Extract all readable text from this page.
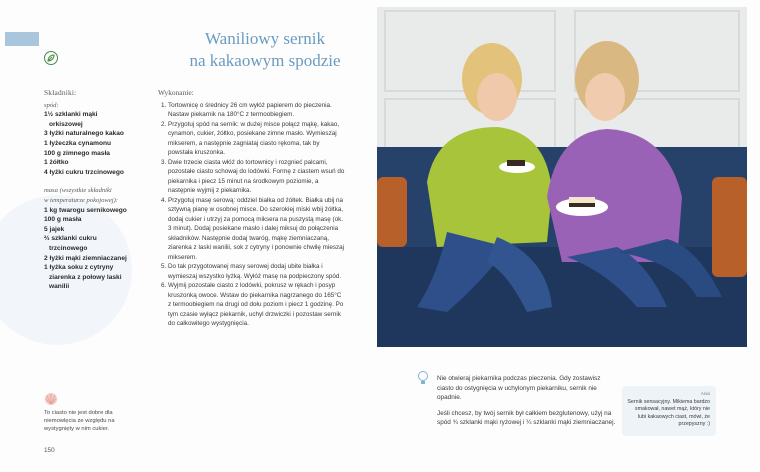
Waniliowy sernik
na kakaowym spodzie
Składniki:
spód:
1½ szklanki mąki
orkiszowej
3 łyżki naturalnego kakao
1 łyżeczka cynamonu
100 g zimnego masła
1 żółtko
4 łyżki cukru trzcinowego
masa (wszystkie składniki
w temperaturze pokojowej):
1 kg twarogu sernikowego
100 g masła
5 jajek
⅔ szklanki cukru
trzcinowego
2 łyżki mąki ziemniaczanej
1 łyżka soku z cytryny
ziarenka z połowy laski
wanilii
Wykonanie:
1. Tortownicę o średnicy 26 cm wyłóż papierem do pieczenia. Nastaw piekarnik na 180°C z termoobiegiem.
2. Przygotuj spód na sernik: w dużej misce połącz mąkę, kakao, cynamon, cukier, żółtko, posiekane zimne masło. Wymieszaj mikserem, a następnie zagniataj ciasto rękoma, tak by powstała kruszonka.
3. Dwie trzecie ciasta włóż do tortownicy i rozgnieć palcami, pozostałe ciasto schowaj do lodówki. Formę z ciastem wsuń do piekarnika i piecz 15 minut na środkowym poziomie, a następnie wyjmij z piekarnika.
4. Przygotuj masę serową: oddziel białka od żółtek. Białka ubij na sztywną pianę w osobnej misce. Do szerokiej miski wbij żółtka, dodaj cukier i utrzyj za pomocą miksera na puszystą masę (ok. 3 minut). Dodaj posiekane masło i dalej miksuj do połączenia składników. Następnie dodaj twaróg, mąkę ziemniaczaną, ziarenka z laski wanilii, sok z cytryny i ponownie chwilę mieszaj mikserem.
5. Do tak przygotowanej masy serowej dodaj ubite białka i wymieszaj wszystko łyżką. Wyłóż masę na podpieczony spód.
6. Wyjmij pozostałe ciasto z lodówki, pokrusz w rękach i posyp kruszonką owoce. Wstaw do piekarnika nagrzanego do 165°C z termoobiegiem na drugi od dołu poziom i piecz 1 godzinę. Po tym czasie wyłącz piekarnik, uchyl drzwiczki i pozostaw sernik do całkowitego wystygnięcia.
To ciasto nie jest dobre dla niemowlęcia ze względu na wystygnięty w nim cukier.
150

Nie otwieraj piekarnika podczas pieczenia. Gdy zostawisz ciasto do ostygnięcia w uchylonym piekarniku, sernik nie opadnie.

Jeśli chcesz, by twój sernik był całkiem bezglutenowy, użyj na spód ¾ szklanki mąki ryżowej i ¼ szklanki mąki ziemniaczanej.

Ania
Sernik sensacyjny. Mikiema bardzo smakował, nawet mąż, który nie lubi kakaowych ciast, mówi, że przepyszny :)
